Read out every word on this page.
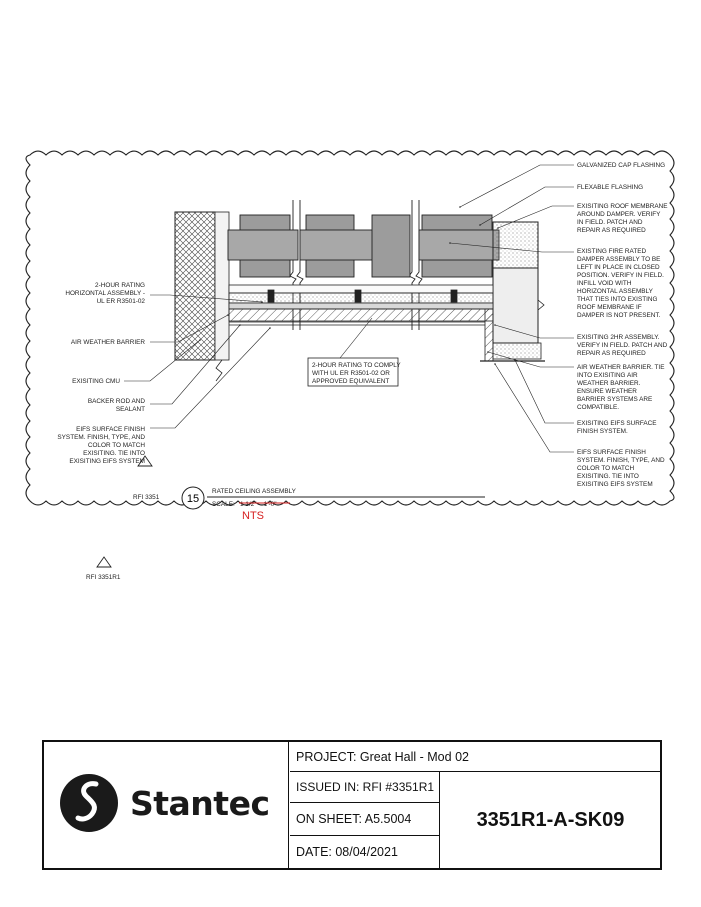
GALVANIZED CAP FLASHING
FLEXABLE FLASHING
EXISITING ROOF MEMBRANE
AROUND DAMPER. VERIFY
IN FIELD. PATCH AND
REPAIR AS REQUIRED
EXISTING FIRE RATED
DAMPER ASSEMBLY TO BE
LEFT IN PLACE IN CLOSED
POSITION. VERIFY IN FIELD.
INFILL VOID WITH
HORIZONTAL ASSEMBLY
THAT TIES INTO EXISTING
ROOF MEMBRANE IF
DAMPER IS NOT PRESENT.
EXISITING 2HR ASSEMBLY.
VERIFY IN FIELD. PATCH AND
REPAIR AS REQUIRED
AIR WEATHER BARRIER. TIE
INTO EXISITING AIR
WEATHER BARRIER.
ENSURE WEATHER
BARRIER SYSTEMS ARE
COMPATIBLE.
EXISITING EIFS SURFACE
FINISH SYSTEM.
EIFS SURFACE FINISH
SYSTEM. FINISH, TYPE, AND
COLOR TO MATCH
EXISITING. TIE INTO
EXISITING EIFS SYSTEM
2-HOUR RATING
HORIZONTAL ASSEMBLY -
UL ER R3501-02
AIR WEATHER BARRIER
EXISITING CMU
BACKER ROD AND
SEALANT
EIFS SURFACE FINISH
SYSTEM. FINISH, TYPE, AND
COLOR TO MATCH
EXISITING. TIE INTO
EXISITING EIFS SYSTEM
2-HOUR RATING TO COMPLY
WITH UL ER R3501-02 OR
APPROVED EQUIVALENT
RFI 3351	15
RATED CEILING ASSEMBLY
SCALE: 1 1/2" = 1'-0"
NTS
RFI 3351R1
Stantec
PROJECT: Great Hall - Mod 02
ISSUED IN: RFI #3351R1
ON SHEET: A5.5004
DATE: 08/04/2021
3351R1-A-SK09
